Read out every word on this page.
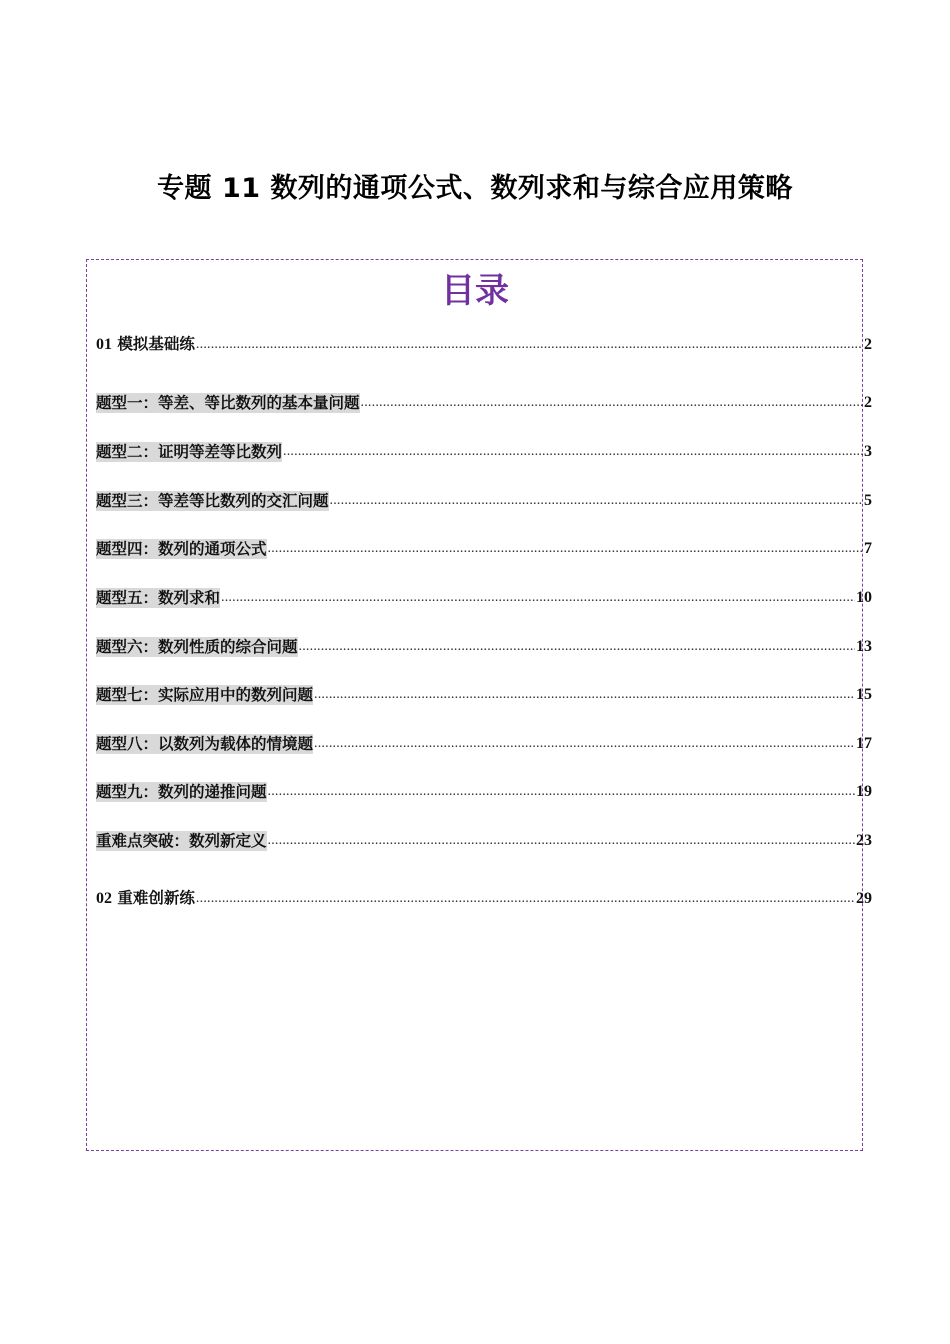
专题 11 数列的通项公式、数列求和与综合应用策略
目录
01 模拟基础练 .....	2
题型一：等差、等比数列的基本量问题 .....	2
题型二：证明等差等比数列 .....	3
题型三：等差等比数列的交汇问题 .....	5
题型四：数列的通项公式 .....	7
题型五：数列求和 .....	10
题型六：数列性质的综合问题 .....	13
题型七：实际应用中的数列问题 .....	15
题型八：以数列为载体的情境题 .....	17
题型九：数列的递推问题 .....	19
重难点突破：数列新定义 .....	23
02 重难创新练 .....	29
